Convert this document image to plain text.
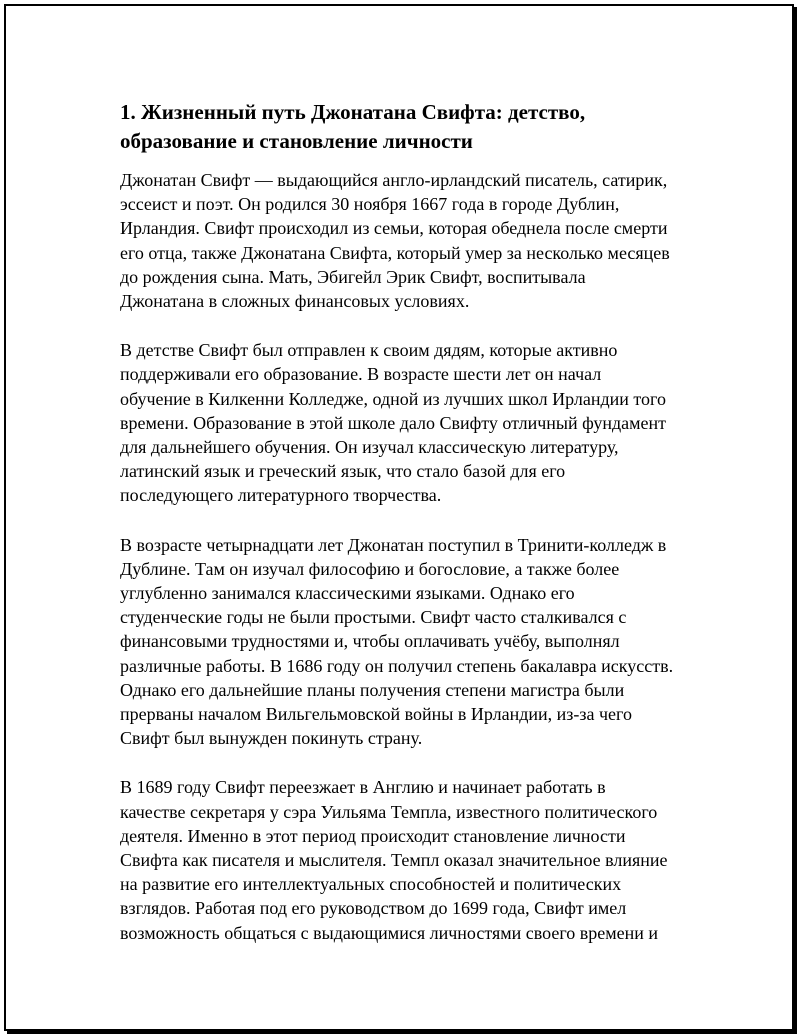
1. Жизненный путь Джонатана Свифта: детство,
образование и становление личности

Джонатан Свифт — выдающийся англо-ирландский писатель, сатирик,
эссеист и поэт. Он родился 30 ноября 1667 года в городе Дублин,
Ирландия. Свифт происходил из семьи, которая обеднела после смерти
его отца, также Джонатана Свифта, который умер за несколько месяцев
до рождения сына. Мать, Эбигейл Эрик Свифт, воспитывала
Джонатана в сложных финансовых условиях.

В детстве Свифт был отправлен к своим дядям, которые активно
поддерживали его образование. В возрасте шести лет он начал
обучение в Килкенни Колледже, одной из лучших школ Ирландии того
времени. Образование в этой школе дало Свифту отличный фундамент
для дальнейшего обучения. Он изучал классическую литературу,
латинский язык и греческий язык, что стало базой для его
последующего литературного творчества.

В возрасте четырнадцати лет Джонатан поступил в Тринити-колледж в
Дублине. Там он изучал философию и богословие, а также более
углубленно занимался классическими языками. Однако его
студенческие годы не были простыми. Свифт часто сталкивался с
финансовыми трудностями и, чтобы оплачивать учёбу, выполнял
различные работы. В 1686 году он получил степень бакалавра искусств.
Однако его дальнейшие планы получения степени магистра были
прерваны началом Вильгельмовской войны в Ирландии, из-за чего
Свифт был вынужден покинуть страну.

В 1689 году Свифт переезжает в Англию и начинает работать в
качестве секретаря у сэра Уильяма Темпла, известного политического
деятеля. Именно в этот период происходит становление личности
Свифта как писателя и мыслителя. Темпл оказал значительное влияние
на развитие его интеллектуальных способностей и политических
взглядов. Работая под его руководством до 1699 года, Свифт имел
возможность общаться с выдающимися личностями своего времени и
